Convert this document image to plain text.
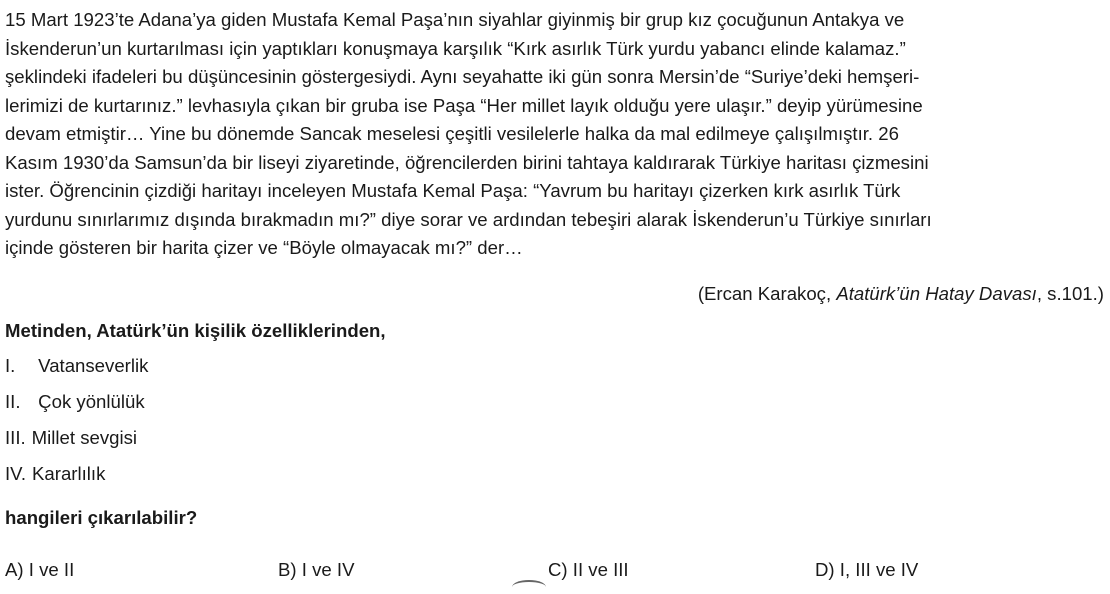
15 Mart 1923’te Adana’ya giden Mustafa Kemal Paşa’nın siyahlar giyinmiş bir grup kız çocuğunun Antakya ve
İskenderun’un kurtarılması için yaptıkları konuşmaya karşılık “Kırk asırlık Türk yurdu yabancı elinde kalamaz.”
şeklindeki ifadeleri bu düşüncesinin göstergesiydi. Aynı seyahatte iki gün sonra Mersin’de “Suriye’deki hemşeri-
lerimizi de kurtarınız.” levhasıyla çıkan bir gruba ise Paşa “Her millet layık olduğu yere ulaşır.” deyip yürümesine
devam etmiştir… Yine bu dönemde Sancak meselesi çeşitli vesilelerle halka da mal edilmeye çalışılmıştır. 26
Kasım 1930’da Samsun’da bir liseyi ziyaretinde, öğrencilerden birini tahtaya kaldırarak Türkiye haritası çizmesini
ister. Öğrencinin çizdiği haritayı inceleyen Mustafa Kemal Paşa: “Yavrum bu haritayı çizerken kırk asırlık Türk
yurdunu sınırlarımız dışında bırakmadın mı?” diye sorar ve ardından tebeşiri alarak İskenderun’u Türkiye sınırları
içinde gösteren bir harita çizer ve “Böyle olmayacak mı?” der…
(Ercan Karakoç, Atatürk’ün Hatay Davası, s.101.)
Metinden, Atatürk’ün kişilik özelliklerinden,
I. Vatanseverlik
II. Çok yönlülük
III. Millet sevgisi
IV. Kararlılık
hangileri çıkarılabilir?
A) I ve II	B) I ve IV	C) II ve III	D) I, III ve IV
